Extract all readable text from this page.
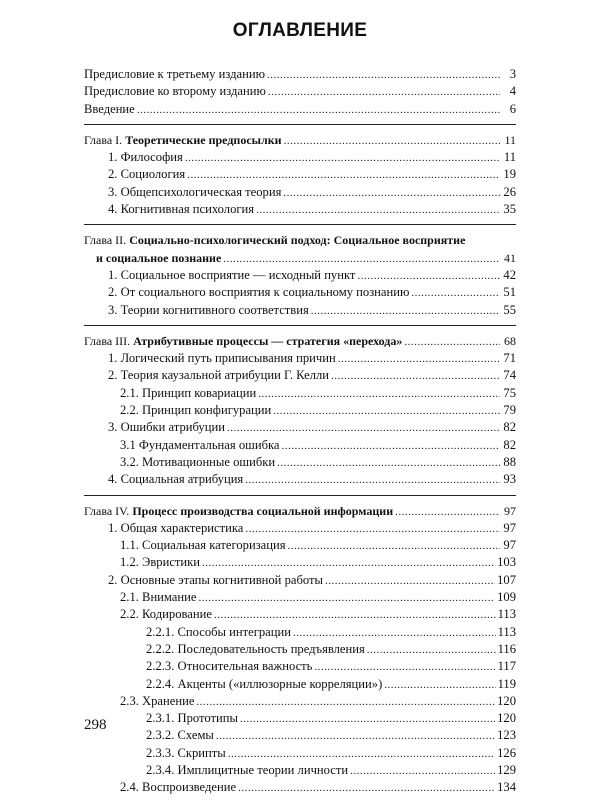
ОГЛАВЛЕНИЕ
Предисловие к третьему изданию .....	3
Предисловие ко второму изданию .....	4
Введение .....	6
Глава I. Теоретические предпосылки .....	11
1. Философия .....	11
2. Социология .....	19
3. Общепсихологическая теория .....	26
4. Когнитивная психология .....	35
Глава II. Социально-психологический подход: Социальное восприятие
и социальное познание .....	41
1. Социальное восприятие — исходный пункт .....	42
2. От социального восприятия к социальному познанию .....	51
3. Теории когнитивного соответствия .....	55
Глава III. Атрибутивные процессы — стратегия «перехода» .....	68
1. Логический путь приписывания причин .....	71
2. Теория каузальной атрибуции Г. Келли .....	74
2.1. Принцип ковариации .....	75
2.2. Принцип конфигурации .....	79
3. Ошибки атрибуции .....	82
3.1 Фундаментальная ошибка .....	82
3.2. Мотивационные ошибки .....	88
4. Социальная атрибуция .....	93
Глава IV. Процесс производства социальной информации .....	97
1. Общая характеристика .....	97
1.1. Социальная категоризация .....	97
1.2. Эвристики .....	103
2. Основные этапы когнитивной работы .....	107
2.1. Внимание .....	109
2.2. Кодирование .....	113
2.2.1. Способы интеграции .....	113
2.2.2. Последовательность предъявления .....	116
2.2.3. Относительная важность .....	117
2.2.4. Акценты («иллюзорные корреляции») .....	119
2.3. Хранение .....	120
2.3.1. Прототипы .....	120
2.3.2. Схемы .....	123
2.3.3. Скрипты .....	126
2.3.4. Имплицитные теории личности .....	129
2.4. Воспроизведение .....	134
298
